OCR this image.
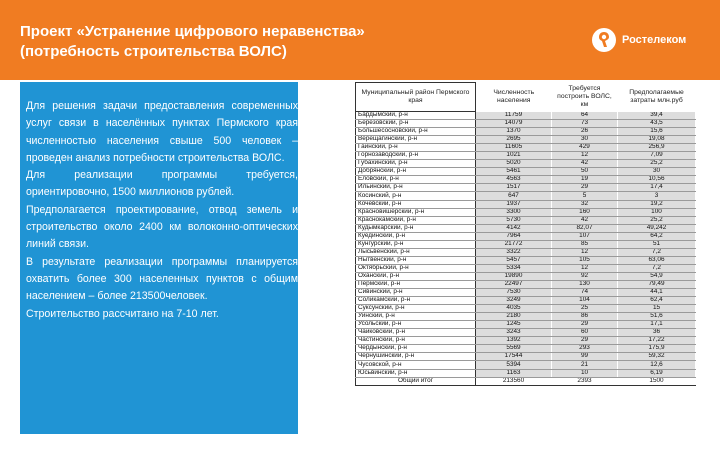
Проект «Устранение цифрового неравенства»
(потребность строительства ВОЛС)
Ростелеком

Для решения задачи предоставления современных услуг связи в населённых пунктах Пермского края численностью населения свыше 500 человек – проведен анализ потребности строительства ВОЛС.

Для реализации программы требуется, ориентировочно, 1500 миллионов рублей.

Предполагается проектирование, отвод земель и строительство около 2400 км волоконно-оптических линий связи.

В результате реализации программы планируется охватить более 300 населенных пунктов с общим населением – более 213500человек.

Строительство рассчитано на 7-10 лет.

Муниципальный район Пермского края	Численность населения	Требуется построить ВОЛС, км	Предполагаемые затраты млн.руб
Бардымский, р-н	11759	64	39,4
Березовский, р-н	14079	73	43,5
Большесосновский, р-н	1370	26	15,6
Верещагинский, р-н	2695	30	19,08
Гайнский, р-н	11605	429	256,9
Горнозаводский, р-н	1021	12	7,09
Губахинский, р-н	5020	42	25,2
Добрянский, р-н	5461	50	30
Еловский, р-н	4563	19	10,56
Ильинский, р-н	1517	29	17,4
Косинский, р-н	647	5	3
Кочевский, р-н	1937	32	19,2
Красновишерский, р-н	3300	160	100
Краснокамский, р-н	5730	42	25,2
Кудымкарский, р-н	4142	82,07	49,242
Куединский, р-н	7964	107	64,2
Кунгурский, р-н	21772	85	51
Лысьвенский, р-н	3322	12	7,2
Нытвенский, р-н	5457	105	63,06
Октябрьский, р-н	5334	12	7,2
Оханский, р-н	19890	92	54,9
Пермский, р-н	22497	130	79,49
Сивинский, р-н	7530	74	44,1
Соликамский, р-н	3249	104	62,4
Суксунский, р-н	4035	25	15
Уинский, р-н	2180	86	51,6
Усольский, р-н	1245	29	17,1
Чайковский, р-н	3243	60	36
Частинский, р-н	1392	29	17,22
Чердынский, р-н	5569	293	175,9
Чернушинский, р-н	17544	99	59,32
Чусовской, р-н	5394	21	12,6
Юсьвинский, р-н	1163	10	6,19
Общий итог	213560	2393	1500
